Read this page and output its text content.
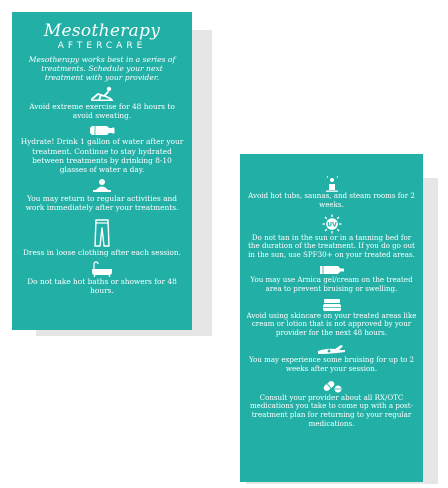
Mesotherapy
AFTERCARE
Mesotherapy works best in a series of treatments. Schedule your next treatment with your provider.
Avoid extreme exercise for 48 hours to avoid sweating.
Hydrate! Drink 1 gallon of water after your treatment. Continue to stay hydrated between treatments by drinking 8-10 glasses of water a day.
You may return to regular activities and work immediately after your treatments.
Dress in loose clothing after each session.
Do not take hot baths or showers for 48 hours.
Avoid hot tubs, saunas, and steam rooms for 2 weeks.
UV
Do not tan in the sun or in a tanning bed for the duration of the treatment. If you do go out in the sun, use SPF30+ on your treated areas.
You may use Arnica gel/cream on the treated area to prevent bruising or swelling.
Avoid using skincare on your treated areas like cream or lotion that is not approved by your provider for the next 48 hours.
You may experience some bruising for up to 2 weeks after your session.
Consult your provider about all RX/OTC medications you take to come up with a post-treatment plan for returning to your regular medications.
